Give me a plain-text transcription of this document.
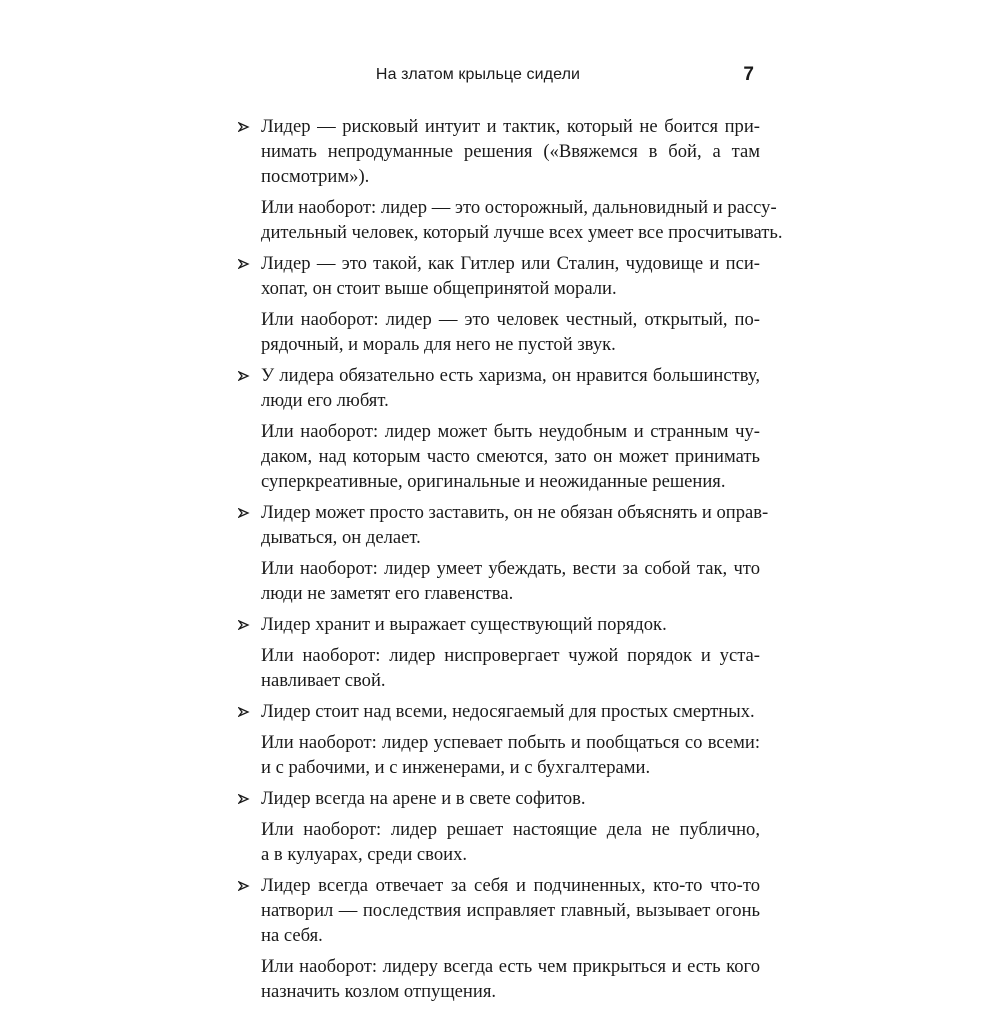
На златом крыльце сидели	7

Лидер — рисковый интуит и тактик, который не боится при-
нимать непродуманные решения («Ввяжемся в бой, а там
посмотрим»).

Или наоборот: лидер — это осторожный, дальновидный и рассу-
дительный человек, который лучше всех умеет все просчитывать.

Лидер — это такой, как Гитлер или Сталин, чудовище и пси-
хопат, он стоит выше общепринятой морали.

Или наоборот: лидер — это человек честный, открытый, по-
рядочный, и мораль для него не пустой звук.

У лидера обязательно есть харизма, он нравится большинству,
люди его любят.

Или наоборот: лидер может быть неудобным и странным чу-
даком, над которым часто смеются, зато он может принимать
суперкреативные, оригинальные и неожиданные решения.

Лидер может просто заставить, он не обязан объяснять и оправ-
дываться, он делает.

Или наоборот: лидер умеет убеждать, вести за собой так, что
люди не заметят его главенства.

Лидер хранит и выражает существующий порядок.

Или наоборот: лидер ниспровергает чужой порядок и уста-
навливает свой.

Лидер стоит над всеми, недосягаемый для простых смертных.

Или наоборот: лидер успевает побыть и пообщаться со всеми:
и с рабочими, и с инженерами, и с бухгалтерами.

Лидер всегда на арене и в свете софитов.

Или наоборот: лидер решает настоящие дела не публично,
а в кулуарах, среди своих.

Лидер всегда отвечает за себя и подчиненных, кто-то что-то
натворил — последствия исправляет главный, вызывает огонь
на себя.

Или наоборот: лидеру всегда есть чем прикрыться и есть кого
назначить козлом отпущения.
